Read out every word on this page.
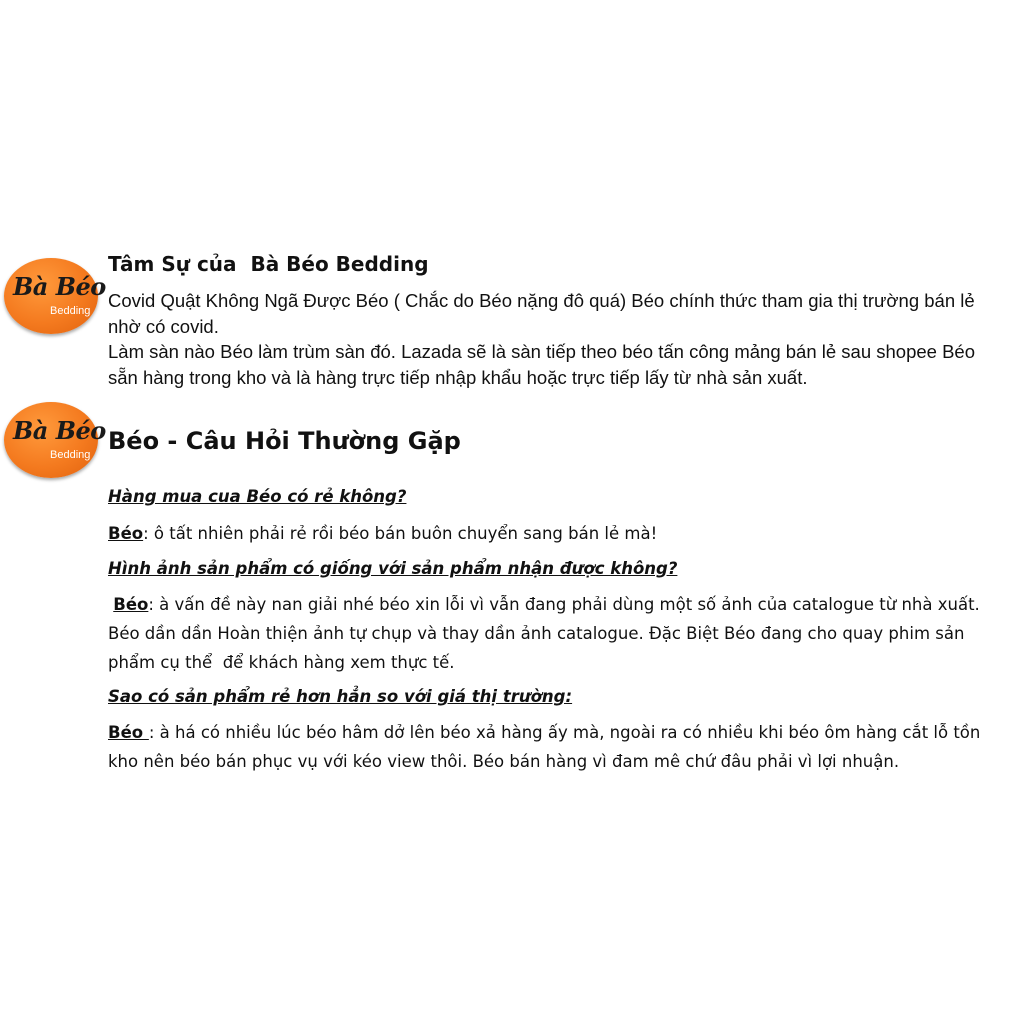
Bà Béo
Bedding
Tâm Sự của  Bà Béo Bedding

Covid Quật Không Ngã Được Béo ( Chắc do Béo nặng đô quá) Béo chính thức tham gia thị trường bán lẻ nhờ có covid.

Làm sàn nào Béo làm trùm sàn đó. Lazada sẽ là sàn tiếp theo béo tấn công mảng bán lẻ sau shopee Béo sẵn hàng trong kho và là hàng trực tiếp nhập khẩu hoặc trực tiếp lấy từ nhà sản xuất.

Bà Béo
Bedding Béo - Câu Hỏi Thường Gặp
Hàng mua cua Béo có rẻ không?

Béo: ô tất nhiên phải rẻ rồi béo bán buôn chuyển sang bán lẻ mà!

Hình ảnh sản phẩm có giống với sản phẩm nhận được không?

Béo: à vấn đề này nan giải nhé béo xin lỗi vì vẫn đang phải dùng một số ảnh của catalogue từ nhà xuất. Béo dần dần Hoàn thiện ảnh tự chụp và thay dần ảnh catalogue. Đặc Biệt Béo đang cho quay phim sản phẩm cụ thể  để khách hàng xem thực tế.

Sao có sản phẩm rẻ hơn hẳn so với giá thị trường:

Béo : à há có nhiều lúc béo hâm dở lên béo xả hàng ấy mà, ngoài ra có nhiều khi béo ôm hàng cắt lỗ tồn kho nên béo bán phục vụ với kéo view thôi. Béo bán hàng vì đam mê chứ đâu phải vì lợi nhuận.
